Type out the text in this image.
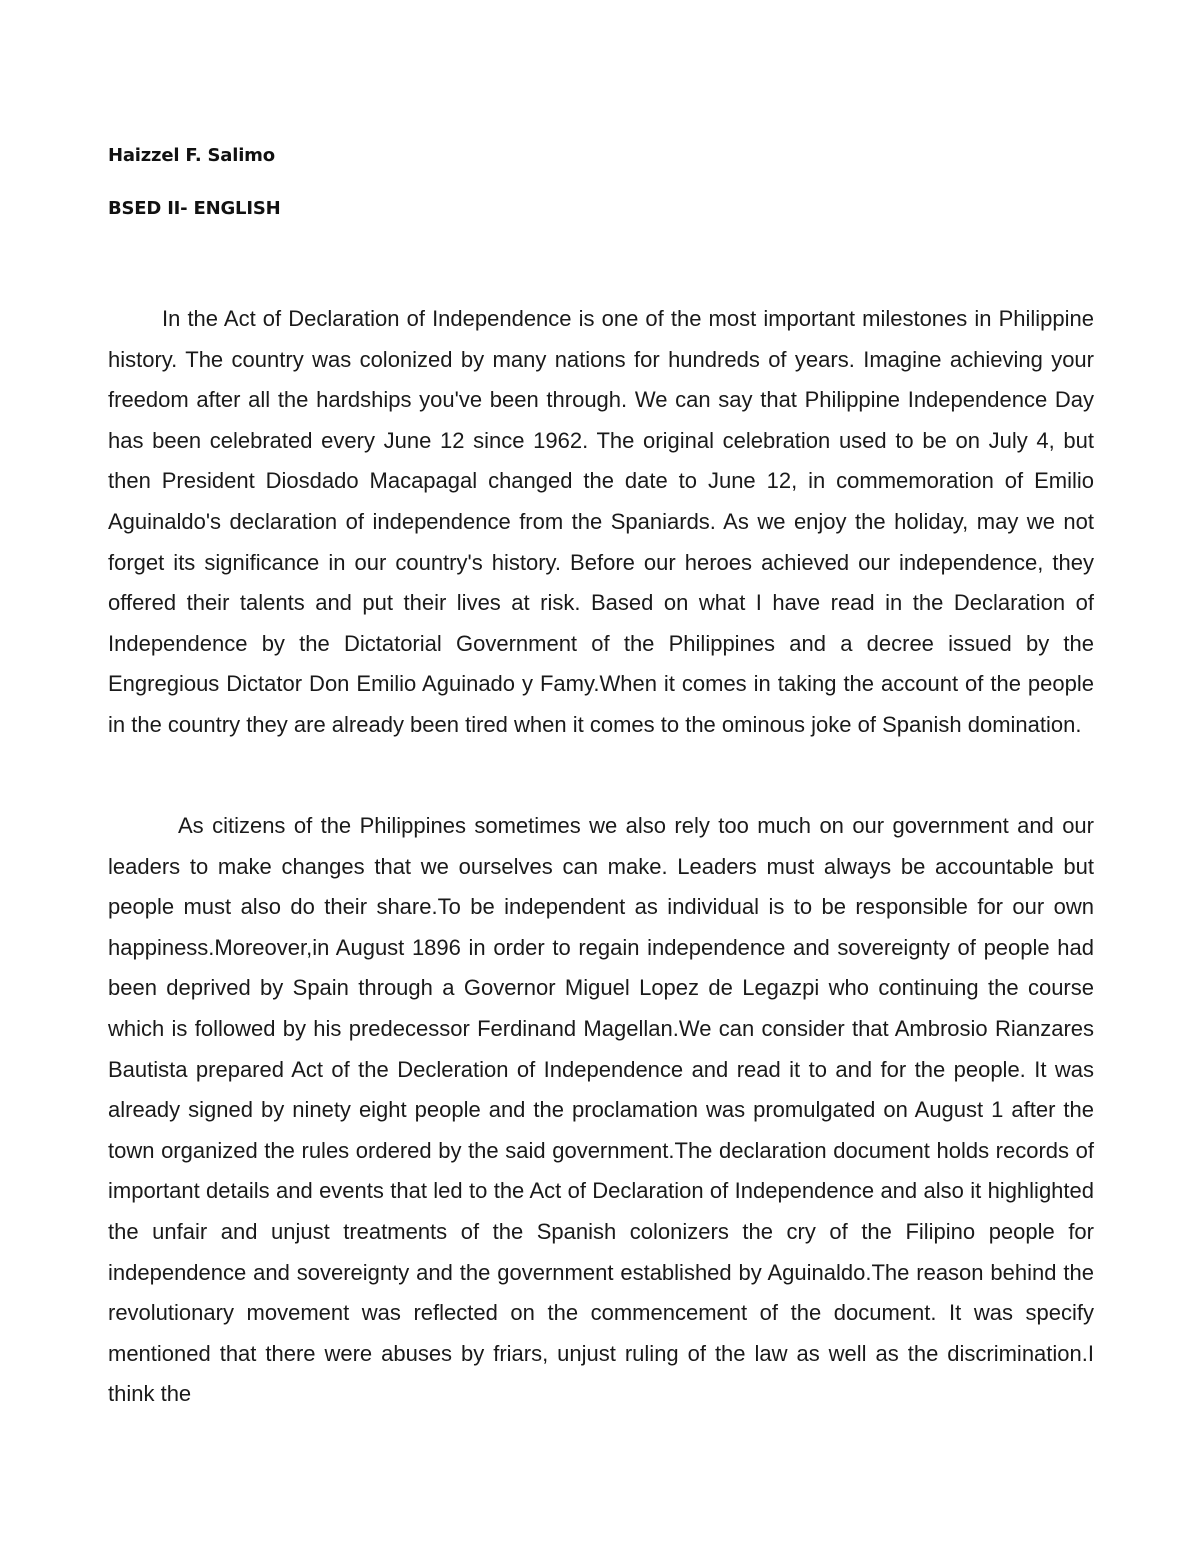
Haizzel F. Salimo

BSED II- ENGLISH

In the Act of Declaration of Independence is one of the most important milestones in Philippine history. The country was colonized by many nations for hundreds of years. Imagine achieving your freedom after all the hardships you've been through. We can say that Philippine Independence Day has been celebrated every June 12 since 1962. The original celebration used to be on July 4, but then President Diosdado Macapagal changed the date to June 12, in commemoration of Emilio Aguinaldo's declaration of independence from the Spaniards. As we enjoy the holiday, may we not forget its significance in our country's history. Before our heroes achieved our independence, they offered their talents and put their lives at risk. Based on what I have read in the Declaration of Independence by the Dictatorial Government of the Philippines and a decree issued by the Engregious Dictator Don Emilio Aguinado y Famy.When it comes in taking the account of the people in the country they are already been tired when it comes to the ominous joke of Spanish domination.

As citizens of the Philippines sometimes we also rely too much on our government and our leaders to make changes that we ourselves can make. Leaders must always be accountable but people must also do their share.To be independent as individual is to be responsible for our own happiness.Moreover,in August 1896 in order to regain independence and sovereignty of people had been deprived by Spain through a Governor Miguel Lopez de Legazpi who continuing the course which is followed by his predecessor Ferdinand Magellan.We can consider that Ambrosio Rianzares Bautista prepared Act of the Decleration of Independence and read it to and for the people. It was already signed by ninety eight people and the proclamation was promulgated on August 1 after the town organized the rules ordered by the said government.The declaration document holds records of important details and events that led to the Act of Declaration of Independence and also it highlighted the unfair and unjust treatments of the Spanish colonizers the cry of the Filipino people for independence and sovereignty and the government established by Aguinaldo.The reason behind the revolutionary movement was reflected on the commencement of the document. It was specify mentioned that there were abuses by friars, unjust ruling of the law as well as the discrimination.I think the
